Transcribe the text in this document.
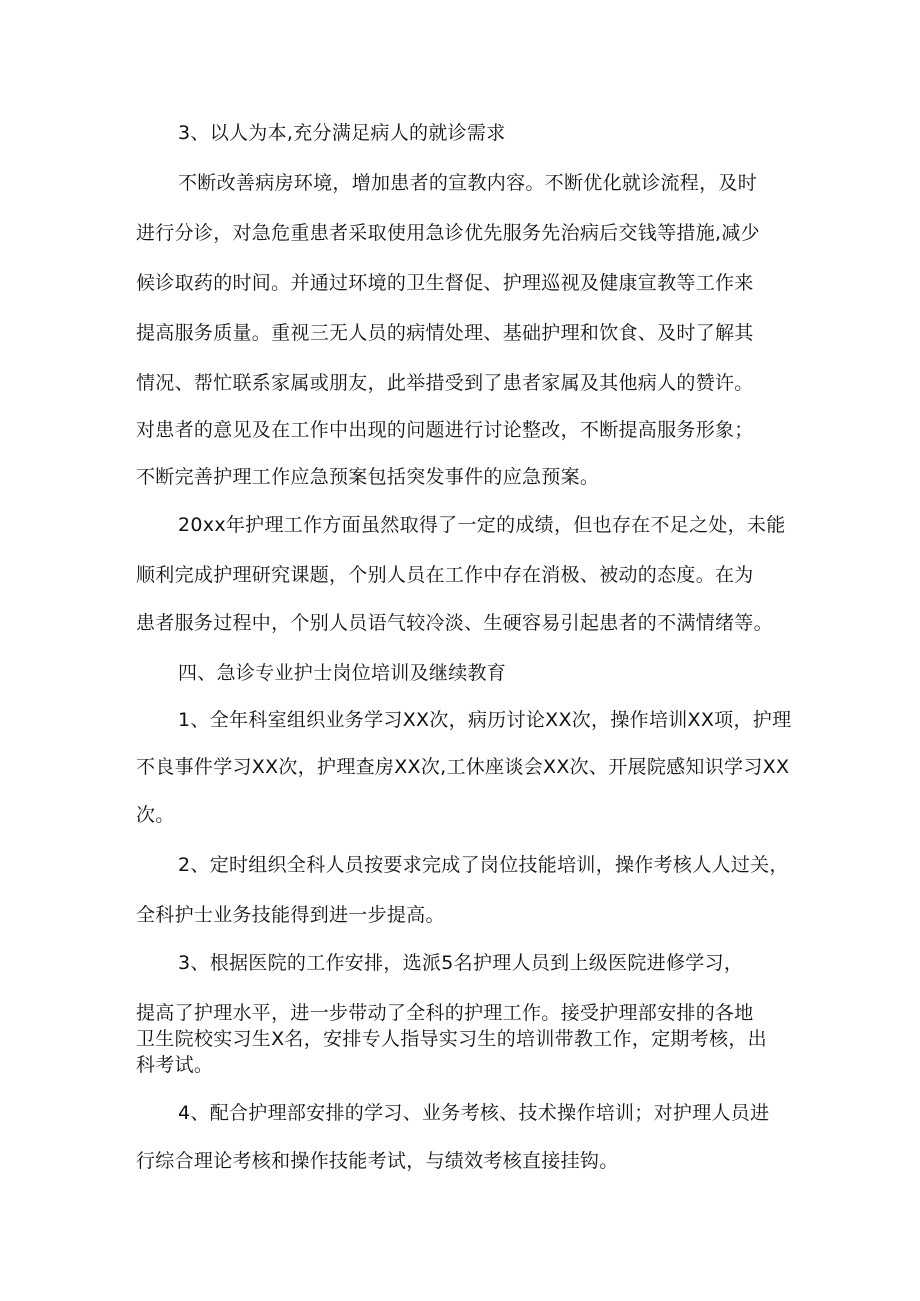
3、以人为本,充分满足病人的就诊需求
不断改善病房环境，增加患者的宣教内容。不断优化就诊流程，及时
进行分诊，对急危重患者采取使用急诊优先服务先治病后交钱等措施,减少
候诊取药的时间。并通过环境的卫生督促、护理巡视及健康宣教等工作来
提高服务质量。重视三无人员的病情处理、基础护理和饮食、及时了解其
情况、帮忙联系家属或朋友，此举措受到了患者家属及其他病人的赞许。
对患者的意见及在工作中出现的问题进行讨论整改，不断提高服务形象；
不断完善护理工作应急预案包括突发事件的应急预案。
20xx年护理工作方面虽然取得了一定的成绩，但也存在不足之处，未能
顺利完成护理研究课题，个别人员在工作中存在消极、被动的态度。在为
患者服务过程中，个别人员语气较冷淡、生硬容易引起患者的不满情绪等。
四、急诊专业护士岗位培训及继续教育
1、全年科室组织业务学习XX次，病历讨论XX次，操作培训XX项，护理
不良事件学习XX次，护理查房XX次,工休座谈会XX次、开展院感知识学习XX
次。
2、定时组织全科人员按要求完成了岗位技能培训，操作考核人人过关，
全科护士业务技能得到进一步提高。
3、根据医院的工作安排，选派5名护理人员到上级医院进修学习，
提高了护理水平，进一步带动了全科的护理工作。接受护理部安排的各地
卫生院校实习生X名，安排专人指导实习生的培训带教工作，定期考核，出
科考试。
4、配合护理部安排的学习、业务考核、技术操作培训；对护理人员进
行综合理论考核和操作技能考试，与绩效考核直接挂钩。
